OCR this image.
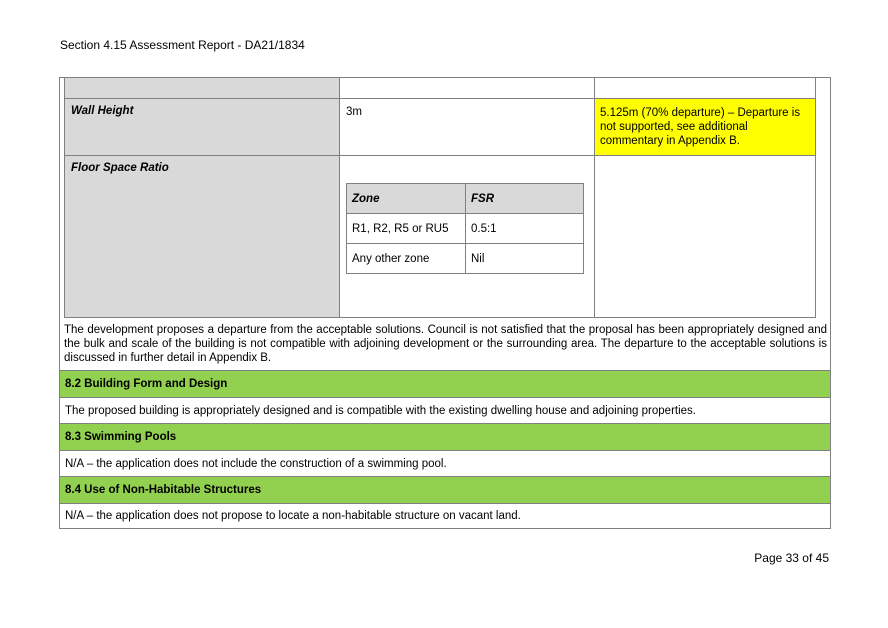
Section 4.15 Assessment Report - DA21/1834
Wall Height	3m	5.125m (70% departure) – Departure is not supported, see additional commentary in Appendix B.
Floor Space Ratio
Zone	FSR
R1, R2, R5 or RU5	0.5:1
Any other zone	Nil
The development proposes a departure from the acceptable solutions. Council is not satisfied that the proposal has been appropriately designed and the bulk and scale of the building is not compatible with adjoining development or the surrounding area. The departure to the acceptable solutions is discussed in further detail in Appendix B.
8.2 Building Form and Design
The proposed building is appropriately designed and is compatible with the existing dwelling house and adjoining properties.
8.3 Swimming Pools
N/A – the application does not include the construction of a swimming pool.
8.4 Use of Non-Habitable Structures
N/A – the application does not propose to locate a non-habitable structure on vacant land.
Page 33 of 45
